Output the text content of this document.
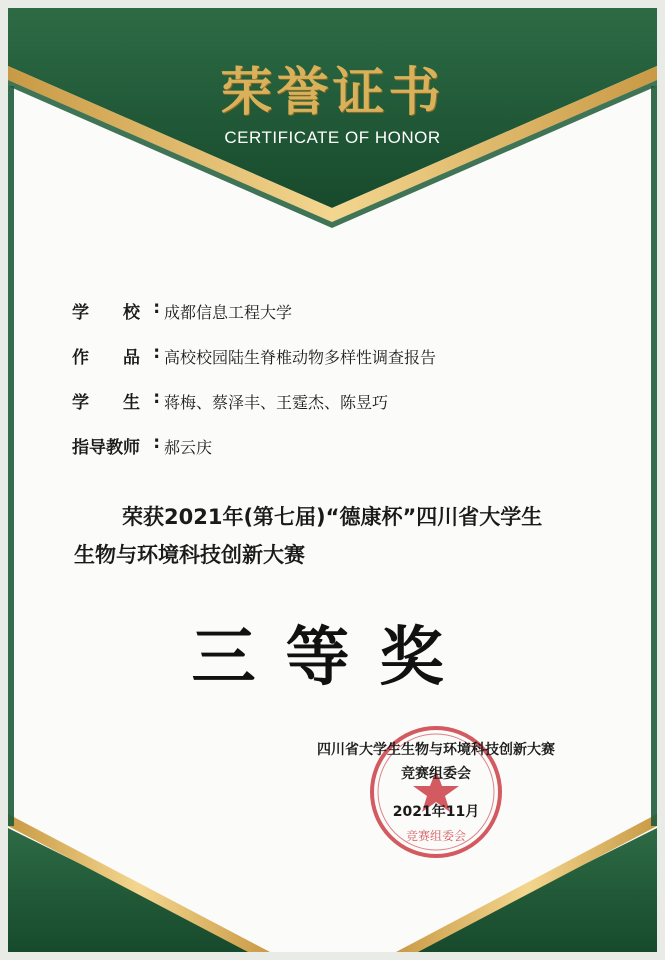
荣誉证书
CERTIFICATE OF HONOR
学　　校 : 成都信息工程大学
作　　品 : 高校校园陆生脊椎动物多样性调查报告
学　　生 : 蒋梅、蔡泽丰、王霆杰、陈昱巧
指导教师 : 郝云庆
荣获2021年(第七届)“德康杯”四川省大学生
生物与环境科技创新大赛
三等奖
竞赛组委会
四川省大学生生物与环境科技创新大赛
竞赛组委会
2021年11月
